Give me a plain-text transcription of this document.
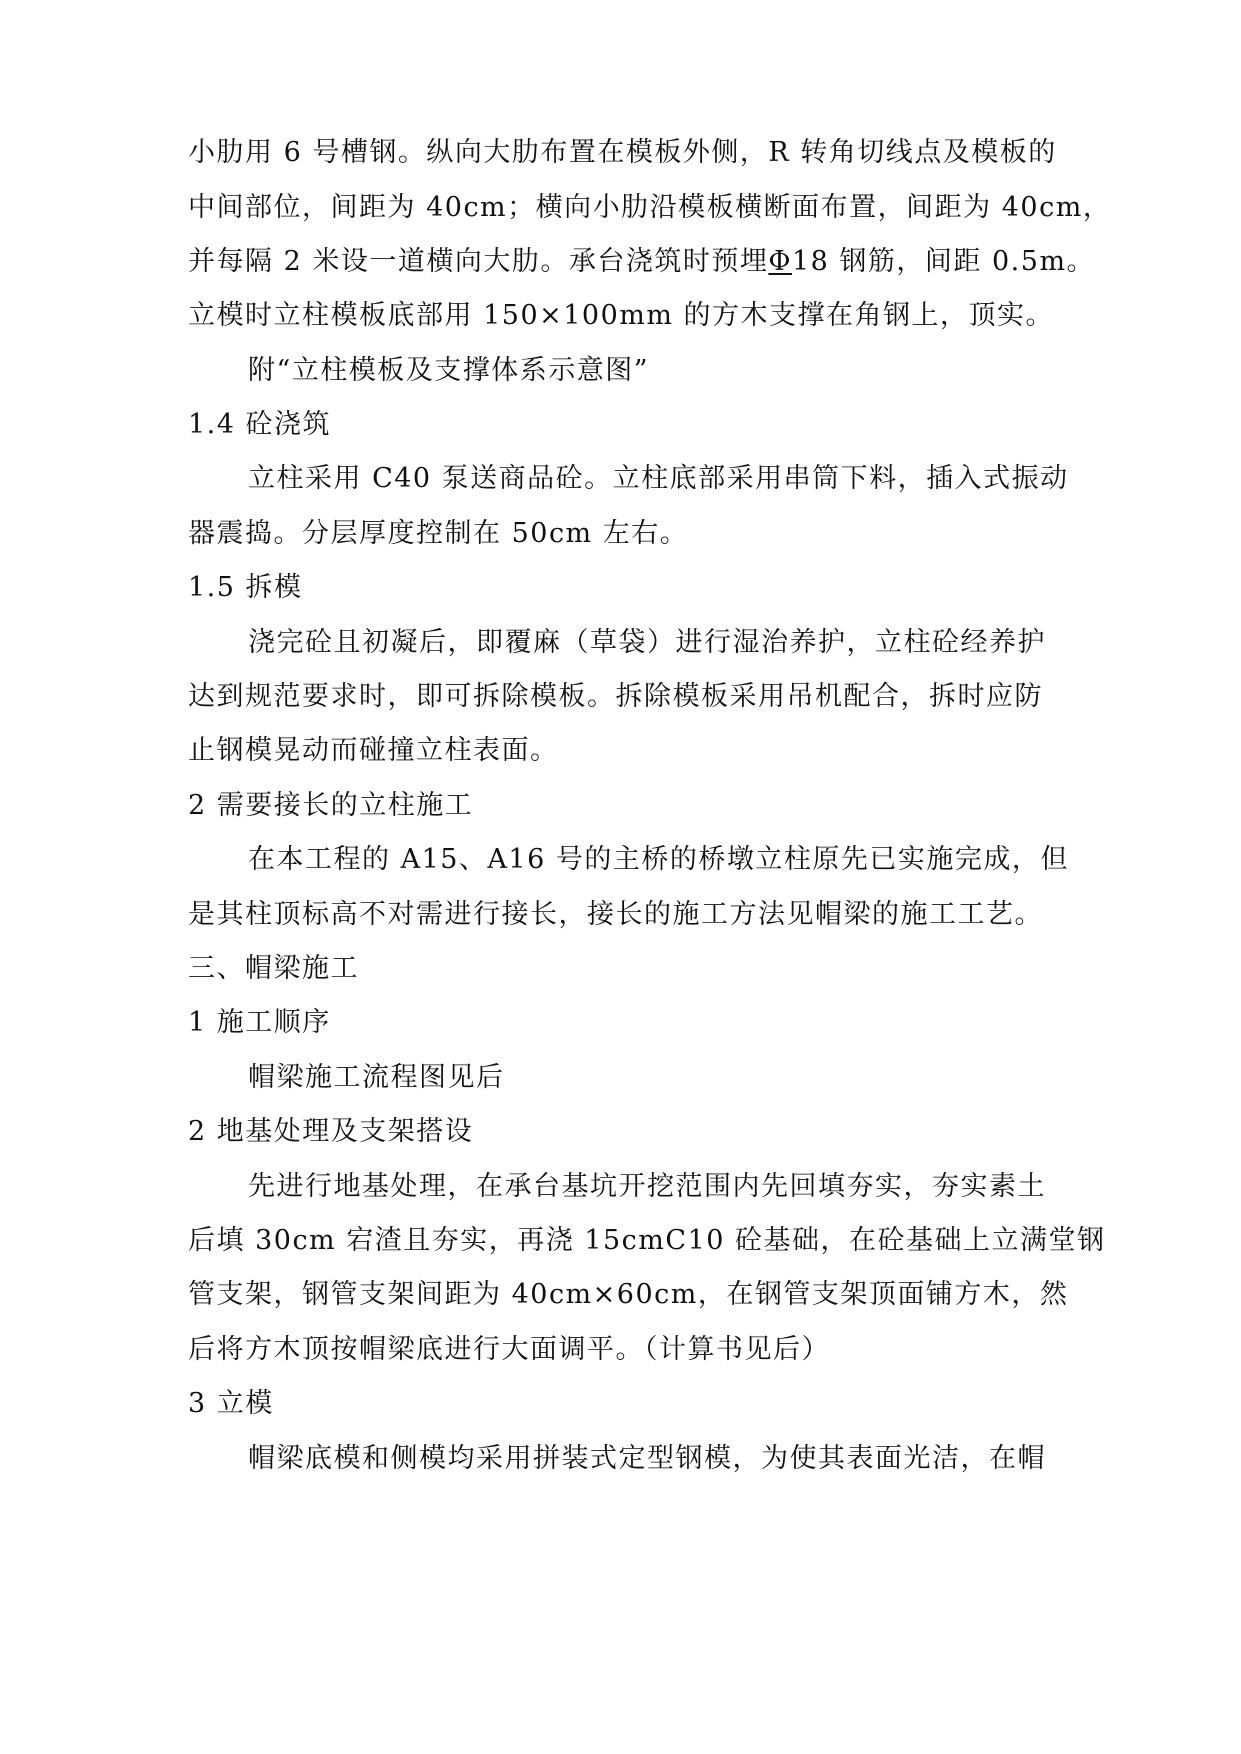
小肋用 6 号槽钢。纵向大肋布置在模板外侧，R 转角切线点及模板的
中间部位，间距为 40cm；横向小肋沿模板横断面布置，间距为 40cm，
并每隔 2 米设一道横向大肋。承台浇筑时预埋Φ18 钢筋，间距 0.5m。
立模时立柱模板底部用 150×100mm 的方木支撑在角钢上，顶实。
附“立柱模板及支撑体系示意图”
1.4 砼浇筑
立柱采用 C40 泵送商品砼。立柱底部采用串筒下料，插入式振动
器震捣。分层厚度控制在 50cm 左右。
1.5 拆模
浇完砼且初凝后，即覆麻（草袋）进行湿治养护，立柱砼经养护
达到规范要求时，即可拆除模板。拆除模板采用吊机配合，拆时应防
止钢模晃动而碰撞立柱表面。
2 需要接长的立柱施工
在本工程的 A15、A16 号的主桥的桥墩立柱原先已实施完成，但
是其柱顶标高不对需进行接长，接长的施工方法见帽梁的施工工艺。
三、帽梁施工
1 施工顺序
帽梁施工流程图见后
2 地基处理及支架搭设
先进行地基处理，在承台基坑开挖范围内先回填夯实，夯实素土
后填 30cm 宕渣且夯实，再浇 15cmC10 砼基础，在砼基础上立满堂钢
管支架，钢管支架间距为 40cm×60cm，在钢管支架顶面铺方木，然
后将方木顶按帽梁底进行大面调平。（计算书见后）
3 立模
帽梁底模和侧模均采用拼装式定型钢模，为使其表面光洁，在帽
